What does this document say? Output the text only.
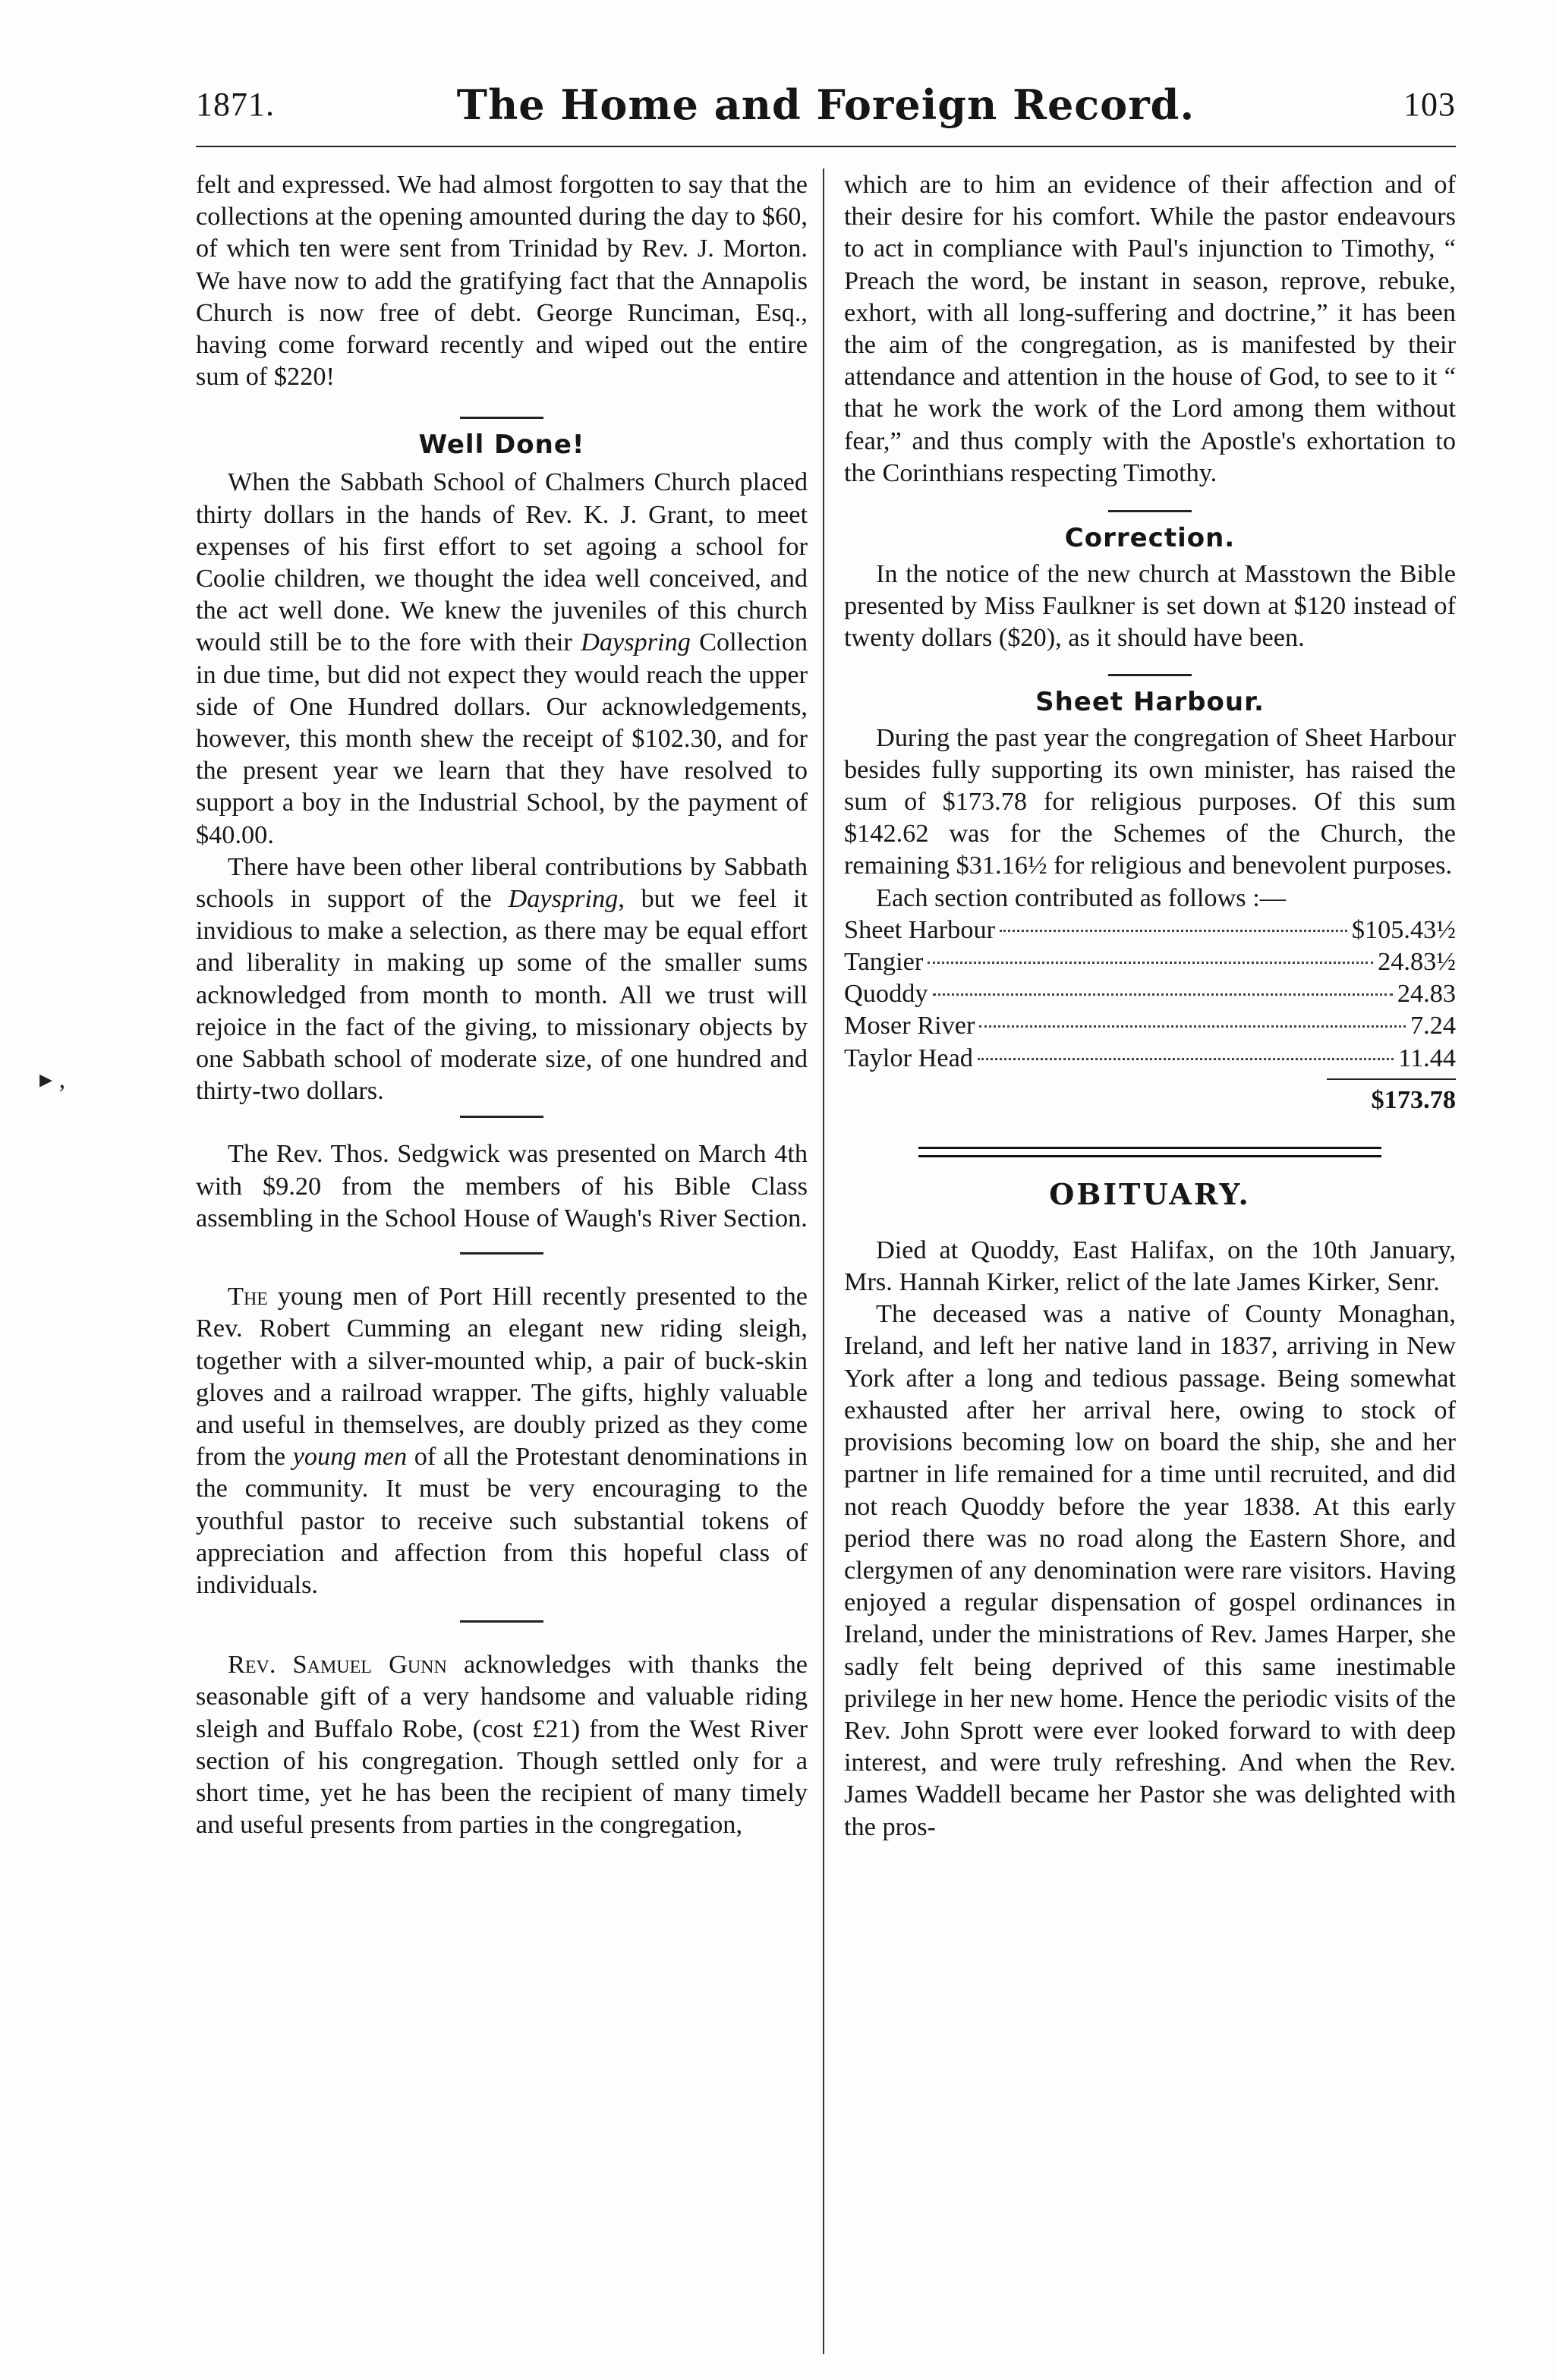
1871.	The Home and Foreign Record.	103
▸ ,

felt and expressed. We had almost forgotten to say that the collections at the opening amounted during the day to $60, of which ten were sent from Trinidad by Rev. J. Morton. We have now to add the gratifying fact that the Annapolis Church is now free of debt. George Runciman, Esq., having come forward recently and wiped out the entire sum of $220!

Well Done!

When the Sabbath School of Chalmers Church placed thirty dollars in the hands of Rev. K. J. Grant, to meet expenses of his first effort to set agoing a school for Coolie children, we thought the idea well conceived, and the act well done. We knew the juveniles of this church would still be to the fore with their Dayspring Collection in due time, but did not expect they would reach the upper side of One Hundred dollars. Our acknowledgements, however, this month shew the receipt of $102.30, and for the present year we learn that they have resolved to support a boy in the Industrial School, by the payment of $40.00.

There have been other liberal contributions by Sabbath schools in support of the Dayspring, but we feel it invidious to make a selection, as there may be equal effort and liberality in making up some of the smaller sums acknowledged from month to month. All we trust will rejoice in the fact of the giving, to missionary objects by one Sabbath school of moderate size, of one hundred and thirty-two dollars.

The Rev. Thos. Sedgwick was presented on March 4th with $9.20 from the members of his Bible Class assembling in the School House of Waugh's River Section.

The young men of Port Hill recently presented to the Rev. Robert Cumming an elegant new riding sleigh, together with a silver-mounted whip, a pair of buck-skin gloves and a railroad wrapper. The gifts, highly valuable and useful in themselves, are doubly prized as they come from the young men of all the Protestant denominations in the community. It must be very encouraging to the youthful pastor to receive such substantial tokens of appreciation and affection from this hopeful class of individuals.

Rev. Samuel Gunn acknowledges with thanks the seasonable gift of a very handsome and valuable riding sleigh and Buffalo Robe, (cost £21) from the West River section of his congregation. Though settled only for a short time, yet he has been the recipient of many timely and useful presents from parties in the congregation,

which are to him an evidence of their affection and of their desire for his comfort. While the pastor endeavours to act in compliance with Paul's injunction to Timothy, “ Preach the word, be instant in season, reprove, rebuke, exhort, with all long-suffering and doctrine,” it has been the aim of the congregation, as is manifested by their attendance and attention in the house of God, to see to it “ that he work the work of the Lord among them without fear,” and thus comply with the Apostle's exhortation to the Corinthians respecting Timothy.

Correction.

In the notice of the new church at Masstown the Bible presented by Miss Faulkner is set down at $120 instead of twenty dollars ($20), as it should have been.

Sheet Harbour.

During the past year the congregation of Sheet Harbour besides fully supporting its own minister, has raised the sum of $173.78 for religious purposes. Of this sum $142.62 was for the Schemes of the Church, the remaining $31.16½ for religious and benevolent purposes.

Each section contributed as follows :—

Sheet Harbour	$105.43½
Tangier	24.83½
Quoddy	24.83
Moser River	7.24
Taylor Head	11.44
$173.78
OBITUARY.

Died at Quoddy, East Halifax, on the 10th January, Mrs. Hannah Kirker, relict of the late James Kirker, Senr.

The deceased was a native of County Monaghan, Ireland, and left her native land in 1837, arriving in New York after a long and tedious passage. Being somewhat exhausted after her arrival here, owing to stock of provisions becoming low on board the ship, she and her partner in life remained for a time until recruited, and did not reach Quoddy before the year 1838. At this early period there was no road along the Eastern Shore, and clergymen of any denomination were rare visitors. Having enjoyed a regular dispensation of gospel ordinances in Ireland, under the ministrations of Rev. James Harper, she sadly felt being deprived of this same inestimable privilege in her new home. Hence the periodic visits of the Rev. John Sprott were ever looked forward to with deep interest, and were truly refreshing. And when the Rev. James Waddell became her Pastor she was delighted with the pros-
